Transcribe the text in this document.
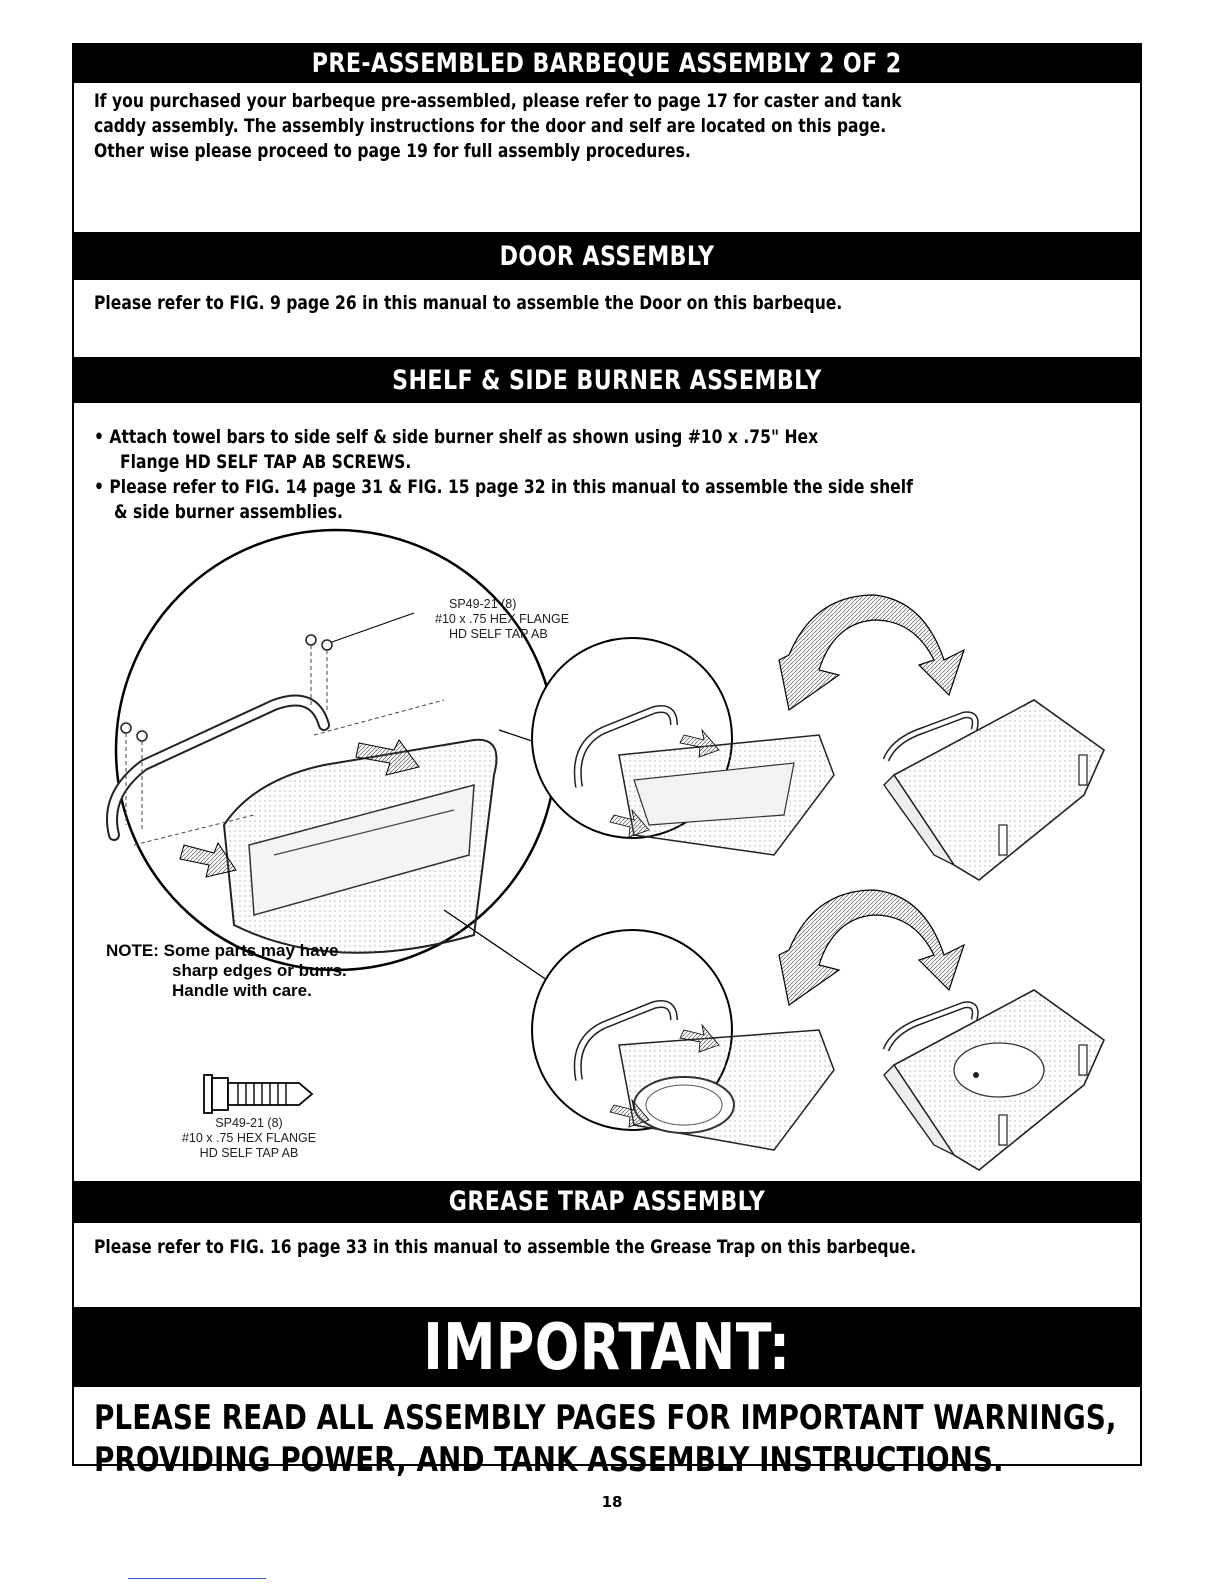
PRE-ASSEMBLED BARBEQUE ASSEMBLY 2 OF 2
If you purchased your barbeque pre-assembled, please refer to page 17 for caster and tank
caddy assembly. The assembly instructions for the door and self are located on this page.
Other wise please proceed to page 19 for full assembly procedures.
DOOR ASSEMBLY
Please refer to FIG. 9 page 26 in this manual to assemble the Door on this barbeque.
SHELF & SIDE BURNER ASSEMBLY
• Attach towel bars to side self & side burner shelf as shown using #10 x .75" Hex
Flange HD SELF TAP AB SCREWS.
• Please refer to FIG. 14 page 31 & FIG. 15 page 32 in this manual to assemble the side shelf
& side burner assemblies.
SP49-21 (8)
#10 x .75 HEX FLANGE
HD SELF TAP AB
NOTE: Some parts may have
sharp edges or burrs.
Handle with care.
SP49-21 (8)
#10 x .75 HEX FLANGE
HD SELF TAP AB
GREASE TRAP ASSEMBLY
Please refer to FIG. 16 page 33 in this manual to assemble the Grease Trap on this barbeque.
IMPORTANT:
PLEASE READ ALL ASSEMBLY PAGES FOR IMPORTANT WARNINGS,
PROVIDING POWER, AND TANK ASSEMBLY INSTRUCTIONS.
18
